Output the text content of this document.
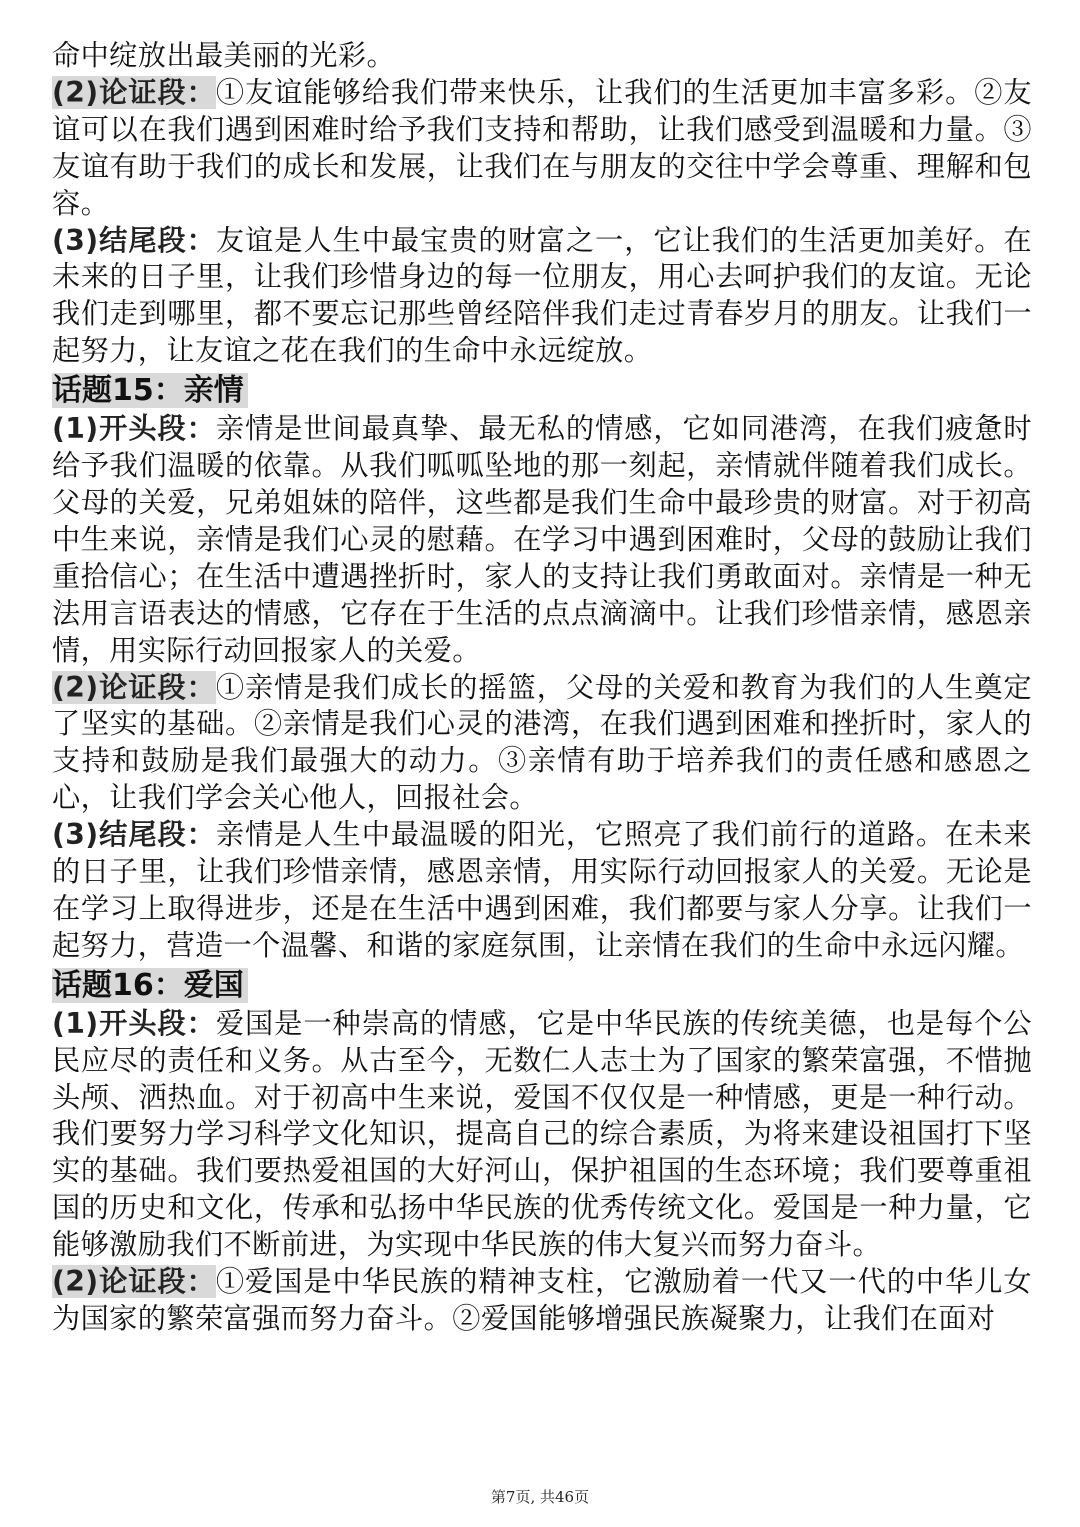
命中绽放出最美丽的光彩。

(2)论证段：①友谊能够给我们带来快乐，让我们的生活更加丰富多彩。②友谊可以在我们遇到困难时给予我们支持和帮助，让我们感受到温暖和力量。③友谊有助于我们的成长和发展，让我们在与朋友的交往中学会尊重、理解和包容。

(3)结尾段：友谊是人生中最宝贵的财富之一，它让我们的生活更加美好。在未来的日子里，让我们珍惜身边的每一位朋友，用心去呵护我们的友谊。无论我们走到哪里，都不要忘记那些曾经陪伴我们走过青春岁月的朋友。让我们一起努力，让友谊之花在我们的生命中永远绽放。

话题15：亲情

(1)开头段：亲情是世间最真挚、最无私的情感，它如同港湾，在我们疲惫时给予我们温暖的依靠。从我们呱呱坠地的那一刻起，亲情就伴随着我们成长。父母的关爱，兄弟姐妹的陪伴，这些都是我们生命中最珍贵的财富。对于初高中生来说，亲情是我们心灵的慰藉。在学习中遇到困难时，父母的鼓励让我们重拾信心；在生活中遭遇挫折时，家人的支持让我们勇敢面对。亲情是一种无法用言语表达的情感，它存在于生活的点点滴滴中。让我们珍惜亲情，感恩亲情，用实际行动回报家人的关爱。

(2)论证段：①亲情是我们成长的摇篮，父母的关爱和教育为我们的人生奠定了坚实的基础。②亲情是我们心灵的港湾，在我们遇到困难和挫折时，家人的支持和鼓励是我们最强大的动力。③亲情有助于培养我们的责任感和感恩之心，让我们学会关心他人，回报社会。

(3)结尾段：亲情是人生中最温暖的阳光，它照亮了我们前行的道路。在未来的日子里，让我们珍惜亲情，感恩亲情，用实际行动回报家人的关爱。无论是在学习上取得进步，还是在生活中遇到困难，我们都要与家人分享。让我们一起努力，营造一个温馨、和谐的家庭氛围，让亲情在我们的生命中永远闪耀。

话题16：爱国

(1)开头段：爱国是一种崇高的情感，它是中华民族的传统美德，也是每个公民应尽的责任和义务。从古至今，无数仁人志士为了国家的繁荣富强，不惜抛头颅、洒热血。对于初高中生来说，爱国不仅仅是一种情感，更是一种行动。我们要努力学习科学文化知识，提高自己的综合素质，为将来建设祖国打下坚实的基础。我们要热爱祖国的大好河山，保护祖国的生态环境；我们要尊重祖国的历史和文化，传承和弘扬中华民族的优秀传统文化。爱国是一种力量，它能够激励我们不断前进，为实现中华民族的伟大复兴而努力奋斗。

(2)论证段：①爱国是中华民族的精神支柱，它激励着一代又一代的中华儿女为国家的繁荣富强而努力奋斗。②爱国能够增强民族凝聚力，让我们在面对

第7页, 共46页
